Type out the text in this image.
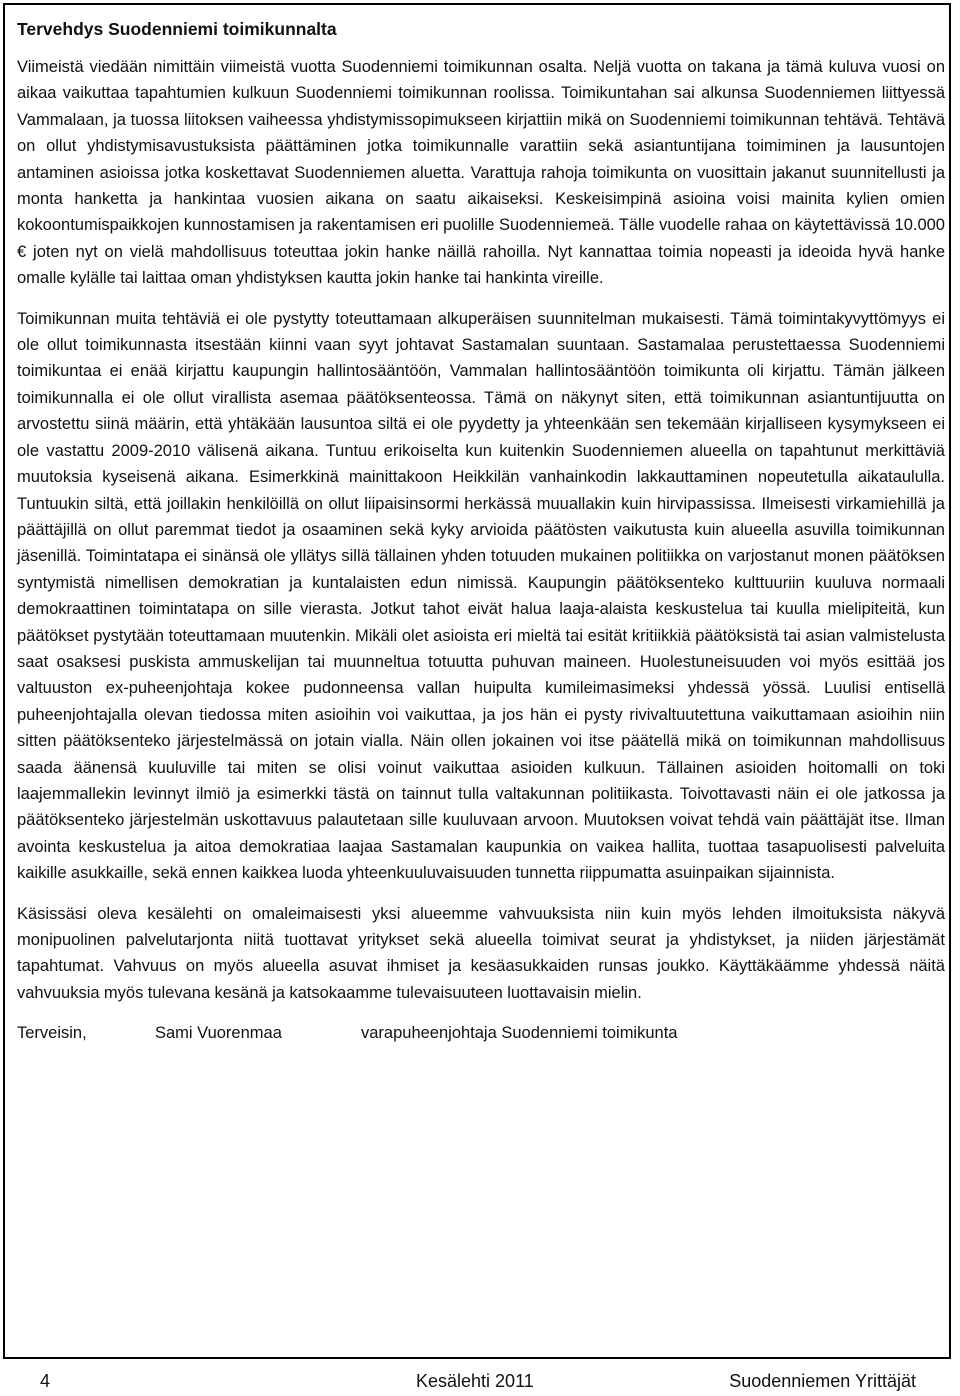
Tervehdys Suodenniemi toimikunnalta

Viimeistä viedään nimittäin viimeistä vuotta Suodenniemi toimikunnan osalta. Neljä vuotta on takana ja tämä kuluva vuosi on aikaa vaikuttaa tapahtumien kulkuun Suodenniemi toimikunnan roolissa. Toimikuntahan sai alkunsa Suodenniemen liittyessä Vammalaan, ja tuossa liitoksen vaiheessa yhdistymissopimukseen kirjattiin mikä on Suodenniemi toimikunnan tehtävä. Tehtävä on ollut yhdistymisavustuksista päättäminen jotka toimikunnalle varattiin sekä asiantuntijana toimiminen ja lausuntojen antaminen asioissa jotka koskettavat Suodenniemen aluetta. Varattuja rahoja toimikunta on vuosittain jakanut suunnitellusti ja monta hanketta ja hankintaa vuosien aikana on saatu aikaiseksi. Keskeisimpinä asioina voisi mainita kylien omien kokoontumispaikkojen kunnostamisen ja rakentamisen eri puolille Suodenniemeä. Tälle vuodelle rahaa on käytettävissä 10.000 € joten nyt on vielä mahdollisuus toteuttaa jokin hanke näillä rahoilla. Nyt kannattaa toimia nopeasti ja ideoida hyvä hanke omalle kylälle tai laittaa oman yhdistyksen kautta jokin hanke tai hankinta vireille.

Toimikunnan muita tehtäviä ei ole pystytty toteuttamaan alkuperäisen suunnitelman mukaisesti. Tämä toimintakyvyttömyys ei ole ollut toimikunnasta itsestään kiinni vaan syyt johtavat Sastamalan suuntaan. Sastamalaa perustettaessa Suodenniemi toimikuntaa ei enää kirjattu kaupungin hallintosääntöön, Vammalan hallintosääntöön toimikunta oli kirjattu. Tämän jälkeen toimikunnalla ei ole ollut virallista asemaa päätöksenteossa. Tämä on näkynyt siten, että toimikunnan asiantuntijuutta on arvostettu siinä määrin, että yhtäkään lausuntoa siltä ei ole pyydetty ja yhteenkään sen tekemään kirjalliseen kysymykseen ei ole vastattu 2009-2010 välisenä aikana. Tuntuu erikoiselta kun kuitenkin Suodenniemen alueella on tapahtunut merkittäviä muutoksia kyseisenä aikana. Esimerkkinä mainittakoon Heikkilän vanhainkodin lakkauttaminen nopeutetulla aikataululla. Tuntuukin siltä, että joillakin henkilöillä on ollut liipaisinsormi herkässä muuallakin kuin hirvipassissa. Ilmeisesti virkamiehillä ja päättäjillä on ollut paremmat tiedot ja osaaminen sekä kyky arvioida päätösten vaikutusta kuin alueella asuvilla toimikunnan jäsenillä. Toimintatapa ei sinänsä ole yllätys sillä tällainen yhden totuuden mukainen politiikka on varjostanut monen päätöksen syntymistä nimellisen demokratian ja kuntalaisten edun nimissä. Kaupungin päätöksenteko kulttuuriin kuuluva normaali demokraattinen toimintatapa on sille vierasta. Jotkut tahot eivät halua laaja-alaista keskustelua tai kuulla mielipiteitä, kun päätökset pystytään toteuttamaan muutenkin. Mikäli olet asioista eri mieltä tai esität kritiikkiä päätöksistä tai asian valmistelusta saat osaksesi puskista ammuskelijan tai muunneltua totuutta puhuvan maineen. Huolestuneisuuden voi myös esittää jos valtuuston ex-puheenjohtaja kokee pudonneensa vallan huipulta kumileimasimeksi yhdessä yössä. Luulisi entisellä puheenjohtajalla olevan tiedossa miten asioihin voi vaikuttaa, ja jos hän ei pysty rivivaltuutettuna vaikuttamaan asioihin niin sitten päätöksenteko järjestelmässä on jotain vialla. Näin ollen jokainen voi itse päätellä mikä on toimikunnan mahdollisuus saada äänensä kuuluville tai miten se olisi voinut vaikuttaa asioiden kulkuun. Tällainen asioiden hoitomalli on toki laajemmallekin levinnyt ilmiö ja esimerkki tästä on tainnut tulla valtakunnan politiikasta. Toivottavasti näin ei ole jatkossa ja päätöksenteko järjestelmän uskottavuus palautetaan sille kuuluvaan arvoon. Muutoksen voivat tehdä vain päättäjät itse. Ilman avointa keskustelua ja aitoa demokratiaa laajaa Sastamalan kaupunkia on vaikea hallita, tuottaa tasapuolisesti palveluita kaikille asukkaille, sekä ennen kaikkea luoda yhteenkuuluvaisuuden tunnetta riippumatta asuinpaikan sijainnista.

Käsissäsi oleva kesälehti on omaleimaisesti yksi alueemme vahvuuksista niin kuin myös lehden ilmoituksista näkyvä monipuolinen palvelutarjonta niitä tuottavat yritykset sekä alueella toimivat seurat ja yhdistykset, ja niiden järjestämät tapahtumat. Vahvuus on myös alueella asuvat ihmiset ja kesäasukkaiden runsas joukko. Käyttäkäämme yhdessä näitä vahvuuksia myös tulevana kesänä ja katsokaamme tulevaisuuteen luottavaisin mielin.

Terveisin,	Sami Vuorenmaa	varapuheenjohtaja Suodenniemi toimikunta
4	Kesälehti 2011	Suodenniemen Yrittäjät
